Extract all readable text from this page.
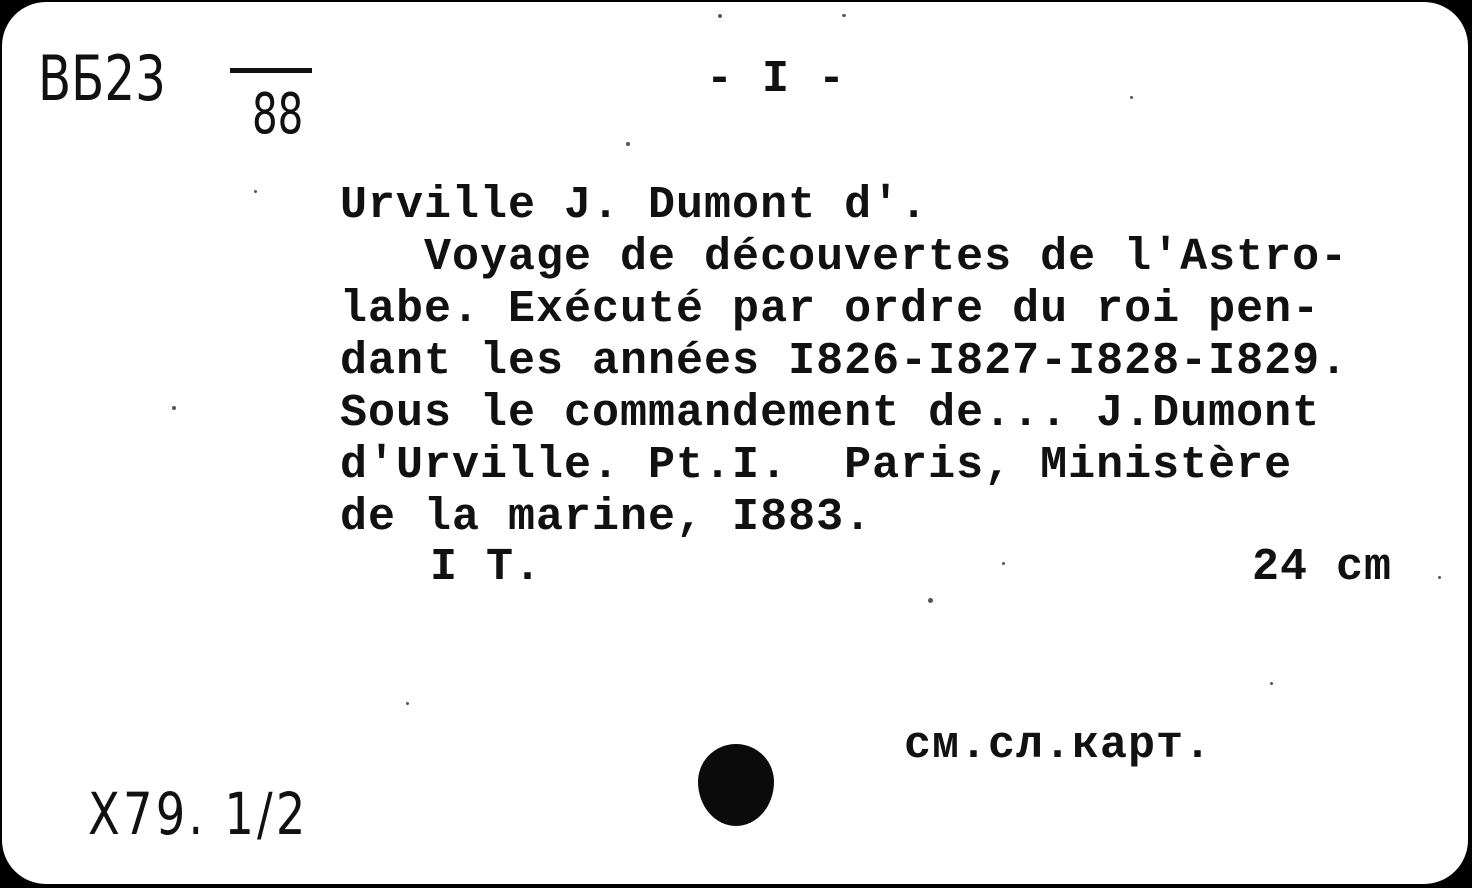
ВБ23 88
- I -
Urville J. Dumont d'.
Voyage de découvertes de l'Astro-
labe. Exécuté par ordre du roi pen-
dant les années I826-I827-I828-I829.
Sous le commandement de... J.Dumont
d'Urville. Pt.I.  Paris, Ministère
de la marine, I883.
I T.	24 cm
см.сл.карт.
Х79. 1/2
